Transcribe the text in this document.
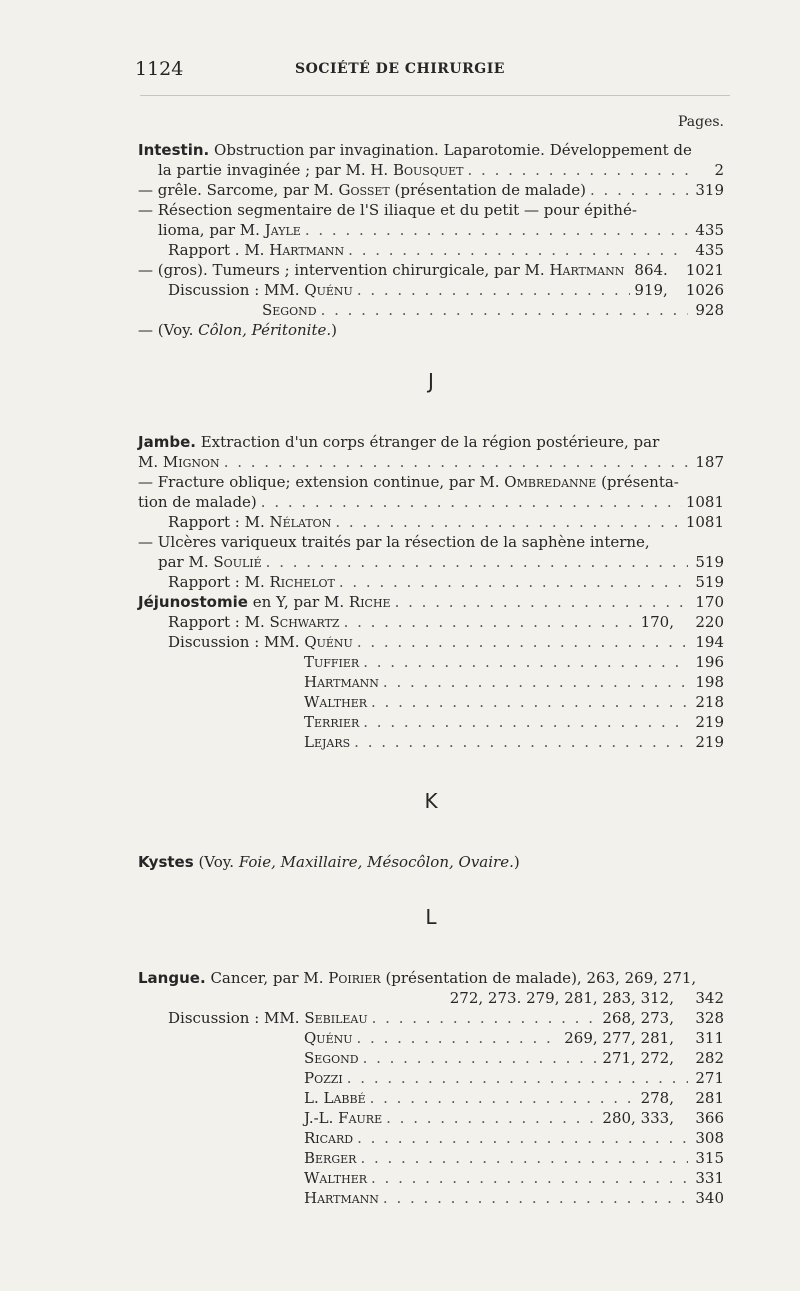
1124	SOCIÉTÉ DE CHIRURGIE
Pages.
Intestin. Obstruction par invagination. Laparotomie. Développement de
la partie invaginée ; par M. H. Bousquet . . .	2
— grêle. Sarcome, par M. Gosset (présentation de malade) . . .	319
— Résection segmentaire de l'S iliaque et du petit — pour épithé-
lioma, par M. Jayle . . .	435
Rapport . M. Hartmann . . .	435
— (gros). Tumeurs ; intervention chirurgicale, par M. Hartmann . . . 864. 1021
Discussion : MM. Quénu . . .	919, 1026
Segond . . .	928
— (Voy. Côlon, Péritonite.)
J
Jambe. Extraction d'un corps étranger de la région postérieure, par
M. Mignon . . .	187
— Fracture oblique; extension continue, par M. Ombredanne (présenta-
tion de malade) . . .	1081
Rapport : M. Nélaton . . .	1081
— Ulcères variqueux traités par la résection de la saphène interne,
par M. Soulié . . .	519
Rapport : M. Richelot . . .	519
Jéjunostomie en Y, par M. Riche . . .	170
Rapport : M. Schwartz . . .	170, 220
Discussion : MM. Quénu . . .	194
Tuffier . . .	196
Hartmann . . .	198
Walther . . .	218
Terrier . . .	219
Lejars . . .	219
K
Kystes (Voy. Foie, Maxillaire, Mésocôlon, Ovaire.)
L
Langue. Cancer, par M. Poirier (présentation de malade), 263, 269, 271,
272, 273. 279, 281, 283, 312, 342
Discussion : MM. Sebileau . . .	268, 273, 328
Quénu . . .	269, 277, 281, 311
Segond . . .	271, 272, 282
Pozzi . . .	271
L. Labbé . . .	278, 281
J.-L. Faure . . .	280, 333, 366
Ricard . . .	308
Berger . . .	315
Walther . . .	331
Hartmann . . .	340
